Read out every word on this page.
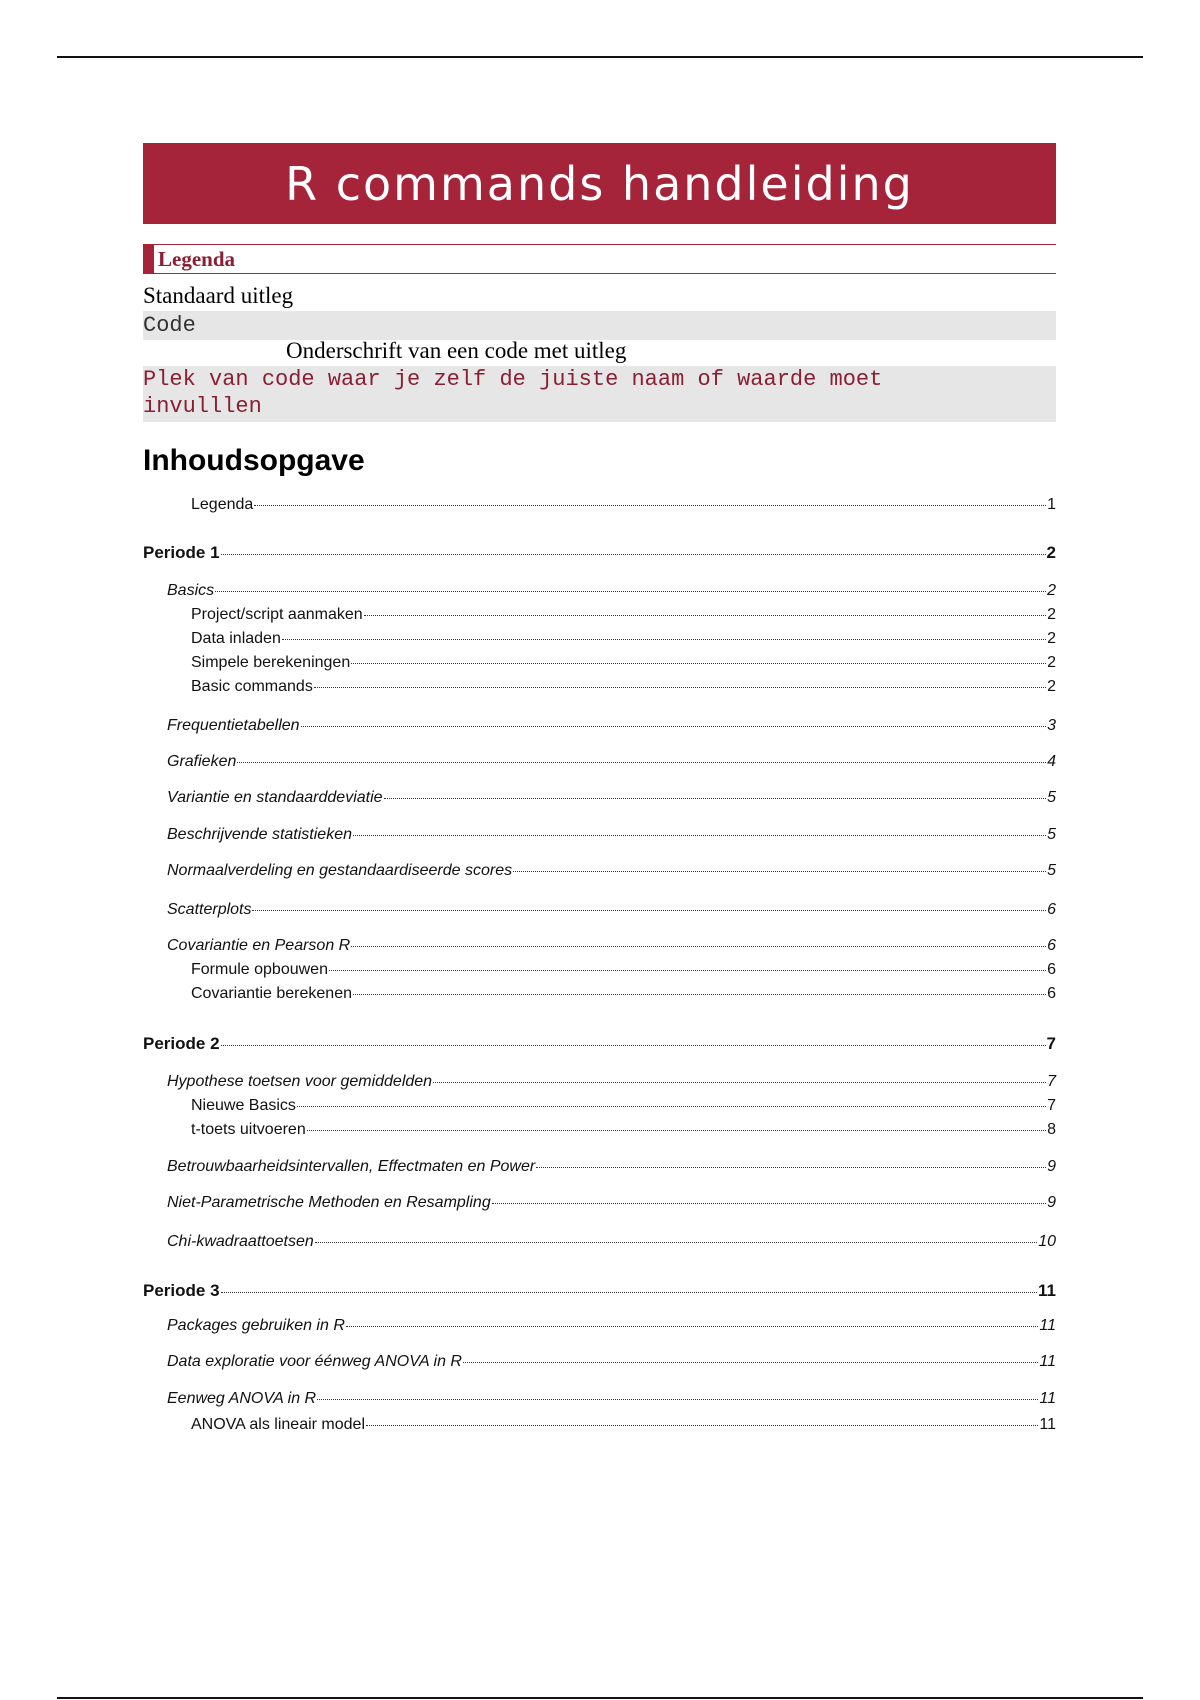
R commands handleiding
Legenda
Standaard uitleg
Code
Onderschrift van een code met uitleg
Plek van code waar je zelf de juiste naam of waarde moet
invulllen
Inhoudsopgave
Legenda	1
Periode 1	2
Basics	2
Project/script aanmaken	2
Data inladen	2
Simpele berekeningen	2
Basic commands	2
Frequentietabellen	3
Grafieken	4
Variantie en standaarddeviatie	5
Beschrijvende statistieken	5
Normaalverdeling en gestandaardiseerde scores	5
Scatterplots	6
Covariantie en Pearson R	6
Formule opbouwen	6
Covariantie berekenen	6
Periode 2	7
Hypothese toetsen voor gemiddelden	7
Nieuwe Basics	7
t-toets uitvoeren	8
Betrouwbaarheidsintervallen, Effectmaten en Power	9
Niet-Parametrische Methoden en Resampling	9
Chi-kwadraattoetsen	10
Periode 3	11
Packages gebruiken in R	11
Data exploratie voor éénweg ANOVA in R	11
Eenweg ANOVA in R	11
ANOVA als lineair model	11
